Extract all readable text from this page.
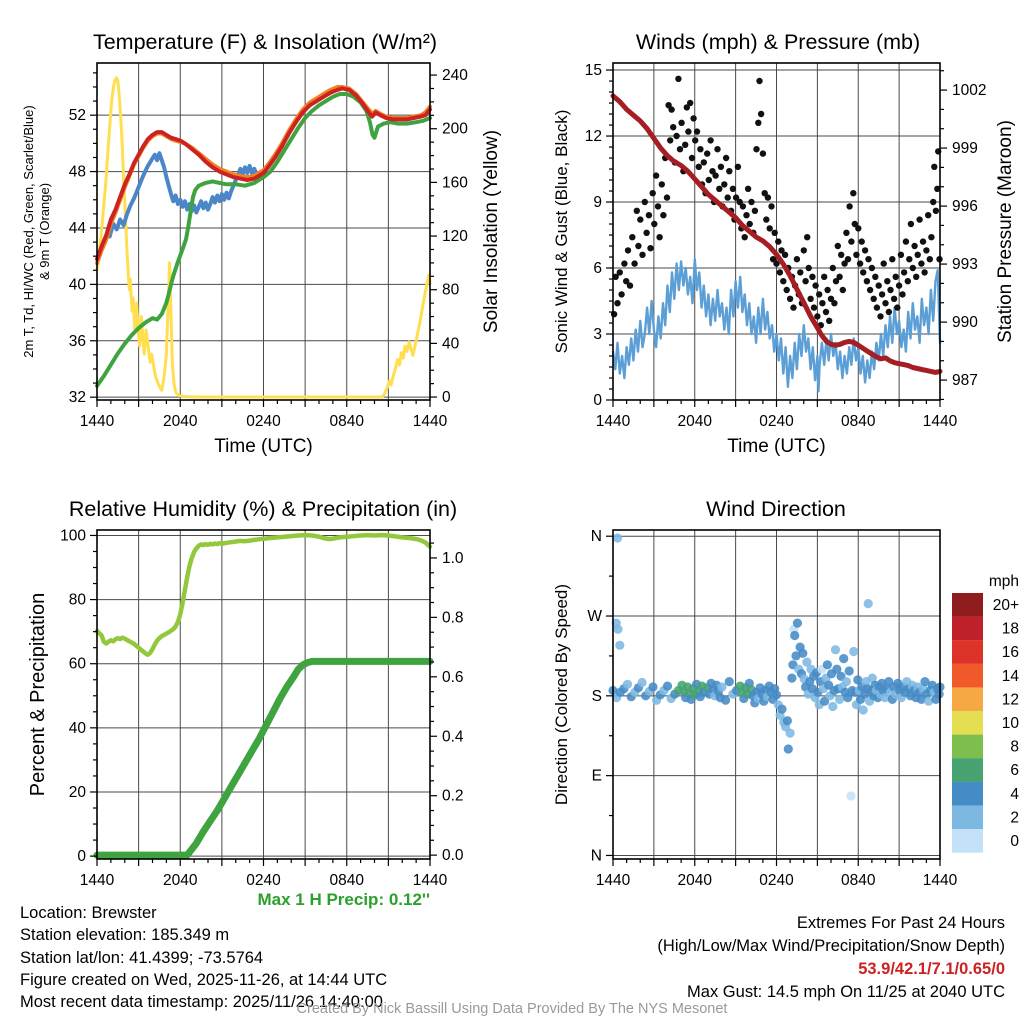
1440	2040	0240	0840	1440
32
36
40
44
48
52
0
40
80
120
160
200
240
Temperature (F) & Insolation (W/m²)
Time (UTC)
2m T, Td, HI/WC (Red, Green, Scarlet/Blue) & 9m T (Orange)	Solar Insolation (Yellow)
1440	2040	0240	0840	1440
0
3
6
9
12
15
987
990
993
996
999
1002
Winds (mph) & Pressure (mb)
Time (UTC)
Sonic Wind & Gust (Blue, Black)	Station Pressure (Maroon)
1440	2040	0240	0840	1440
0
20
40
60
80
100
0.0
0.2
0.4
0.6
0.8
1.0
Relative Humidity (%) & Precipitation (in)
Percent & Precipitation
1440	2040	0240	0840	1440
N
W
S
E
N
Wind Direction
Direction (Colored By Speed)
mph
20+
18
16
14
12
10
8
6
4
2
0
Location: Brewster
Station elevation: 185.349 m
Station lat/lon: 41.4399; -73.5764
Figure created on Wed, 2025-11-26, at 14:44 UTC
Most recent data timestamp: 2025/11/26 14:40:00
Max 1 H Precip: 0.12''
Extremes For Past 24 Hours
(High/Low/Max Wind/Precipitation/Snow Depth)
53.9/42.1/7.1/0.65/0
Max Gust: 14.5 mph On 11/25 at 2040 UTC
Created By Nick Bassill Using Data Provided By The NYS Mesonet
